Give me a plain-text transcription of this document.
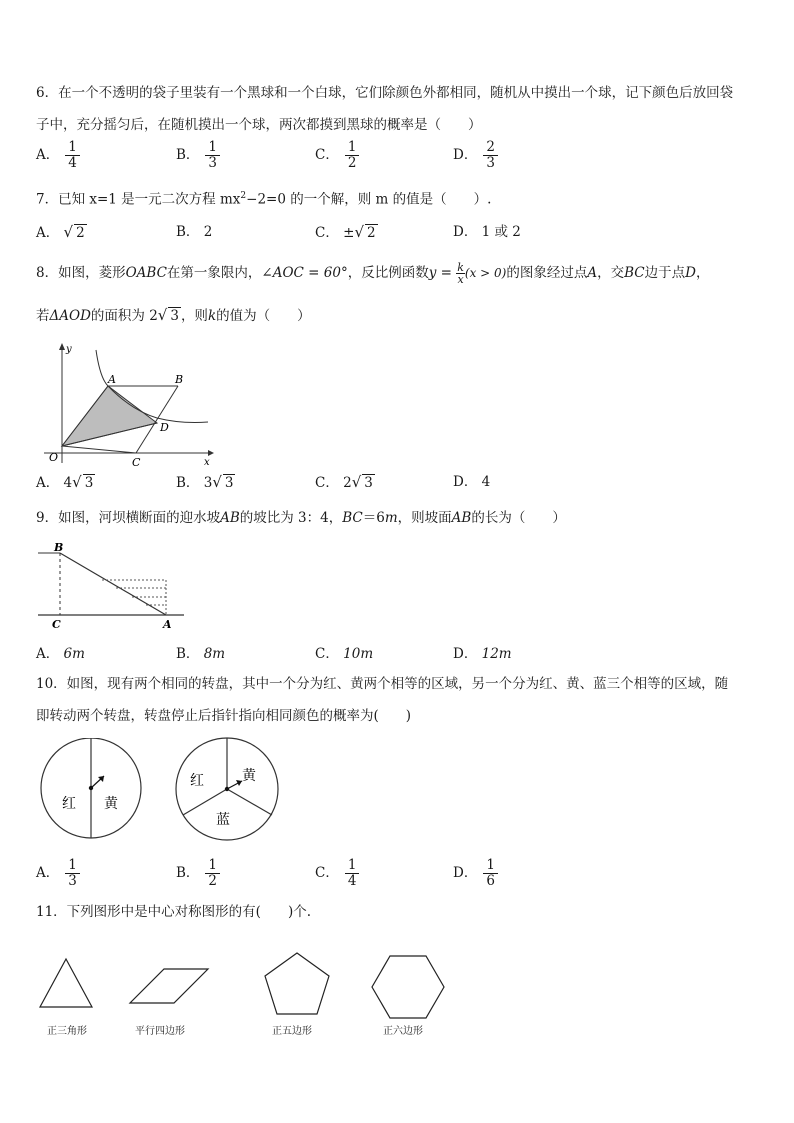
6．在一个不透明的袋子里装有一个黑球和一个白球，它们除颜色外都相同，随机从中摸出一个球，记下颜色后放回袋
子中，充分摇匀后，在随机摸出一个球，两次都摸到黑球的概率是（　　）
A． $\frac{1}{4}$	B． $\frac{1}{3}$	C． $\frac{1}{2}$	D． $\frac{2}{3}$
7．已知 x=1 是一元二次方程 $mx^2-2=0$ 的一个解，则 m 的值是（　　）.
A． √ 2	B． 2	C． ±√ 2	D． 1 或 2
8．如图，菱形OABC在第一象限内，∠AOC = 60°，反比例函数$y = \frac{k}{x} (x > 0)$的图象经过点A，交BC边于点D，
若ΔAOD的面积为 2√ 3 ，则k的值为（　　）
y
x
O
A	B
C
D
A． 4√ 3	B． 3√ 3	C． 2√ 3	D． 4
9．如图，河坝横断面的迎水坡AB的坡比为 3：4，BC＝6m，则坡面AB的长为（　　）
B
C	A
A． 6m	B． 8m	C． 10m	D． 12m
10．如图，现有两个相同的转盘，其中一个分为红、黄两个相等的区域，另一个分为红、黄、蓝三个相等的区域，随
即转动两个转盘，转盘停止后指针指向相同颜色的概率为(　　)
红 黄
红	黄
蓝
A． $\frac{1}{3}$	B． $\frac{1}{2}$	C． $\frac{1}{4}$	D． $\frac{1}{6}$
11．下列图形中是中心对称图形的有(　　)个.
正三角形	平行四边形	正五边形	正六边形
